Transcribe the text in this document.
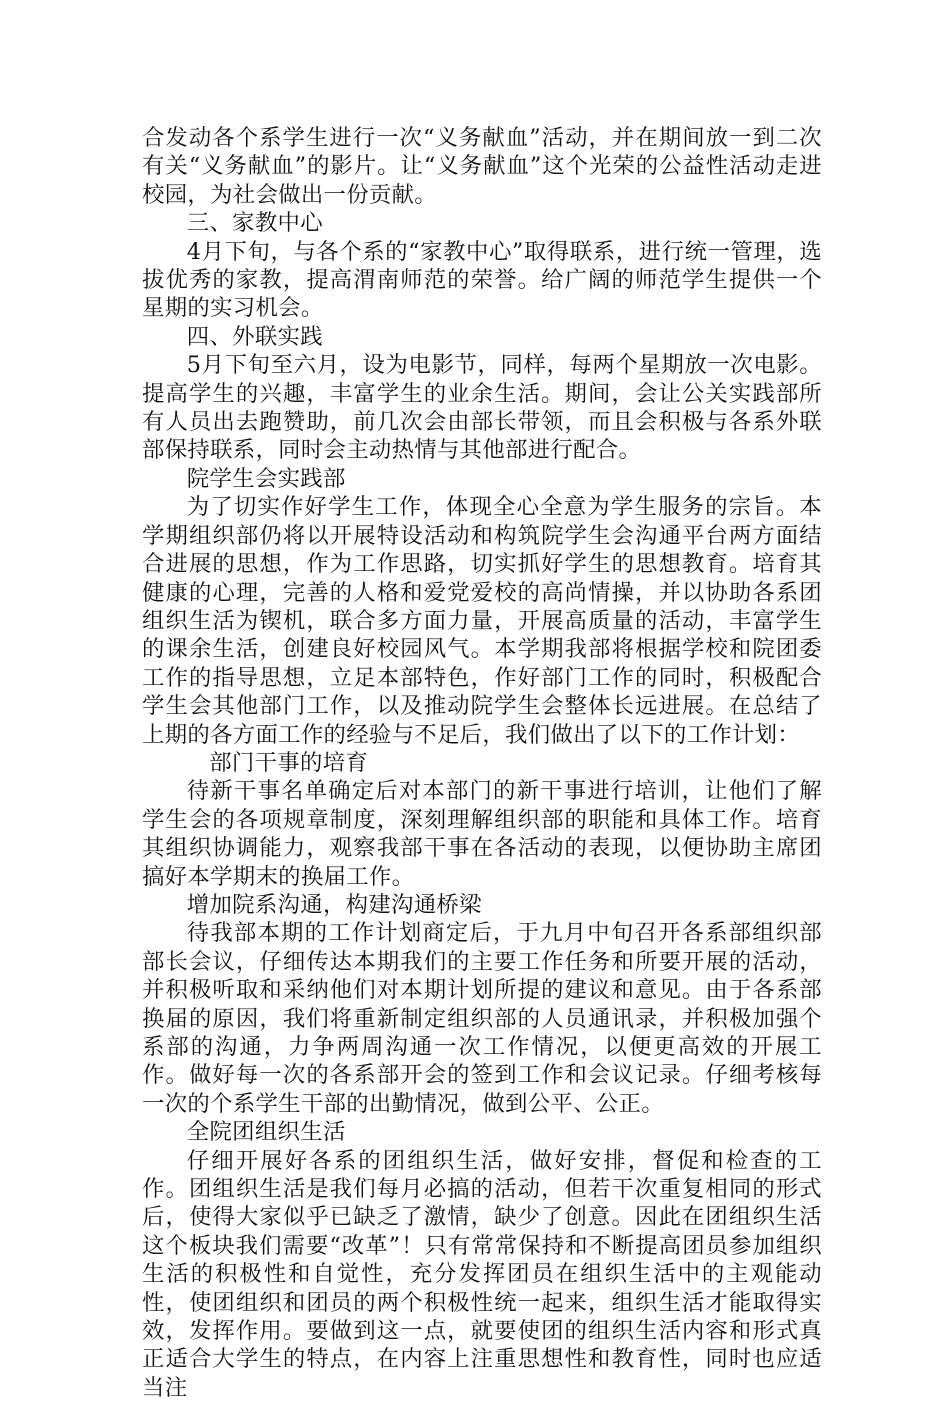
合发动各个系学生进行一次“义务献血”活动，并在期间放一到二次有关“义务献血”的影片。让“义务献血”这个光荣的公益性活动走进校园，为社会做出一份贡献。

三、家教中心

4月下旬，与各个系的“家教中心”取得联系，进行统一管理，选拔优秀的家教，提高渭南师范的荣誉。给广阔的师范学生提供一个星期的实习机会。

四、外联实践

5月下旬至六月，设为电影节，同样，每两个星期放一次电影。提高学生的兴趣，丰富学生的业余生活。期间，会让公关实践部所有人员出去跑赞助，前几次会由部长带领，而且会积极与各系外联部保持联系，同时会主动热情与其他部进行配合。

院学生会实践部

为了切实作好学生工作，体现全心全意为学生服务的宗旨。本学期组织部仍将以开展特设活动和构筑院学生会沟通平台两方面结合进展的思想，作为工作思路，切实抓好学生的思想教育。培育其健康的心理，完善的人格和爱党爱校的高尚情操，并以协助各系团组织生活为锲机，联合多方面力量，开展高质量的活动，丰富学生的课余生活，创建良好校园风气。本学期我部将根据学校和院团委工作的指导思想，立足本部特色，作好部门工作的同时，积极配合学生会其他部门工作，以及推动院学生会整体长远进展。在总结了上期的各方面工作的经验与不足后，我们做出了以下的工作计划：

部门干事的培育

待新干事名单确定后对本部门的新干事进行培训，让他们了解学生会的各项规章制度，深刻理解组织部的职能和具体工作。培育其组织协调能力，观察我部干事在各活动的表现，以便协助主席团搞好本学期末的换届工作。

增加院系沟通，构建沟通桥梁

待我部本期的工作计划商定后，于九月中旬召开各系部组织部部长会议，仔细传达本期我们的主要工作任务和所要开展的活动，并积极听取和采纳他们对本期计划所提的建议和意见。由于各系部换届的原因，我们将重新制定组织部的人员通讯录，并积极加强个系部的沟通，力争两周沟通一次工作情况，以便更高效的开展工作。做好每一次的各系部开会的签到工作和会议记录。仔细考核每一次的个系学生干部的出勤情况，做到公平、公正。

全院团组织生活

仔细开展好各系的团组织生活，做好安排，督促和检查的工作。团组织生活是我们每月必搞的活动，但若干次重复相同的形式后，使得大家似乎已缺乏了激情，缺少了创意。因此在团组织生活这个板块我们需要“改革”！只有常常保持和不断提高团员参加组织生活的积极性和自觉性，充分发挥团员在组织生活中的主观能动性，使团组织和团员的两个积极性统一起来，组织生活才能取得实效，发挥作用。要做到这一点，就要使团的组织生活内容和形式真正适合大学生的特点，在内容上注重思想性和教育性，同时也应适当注
